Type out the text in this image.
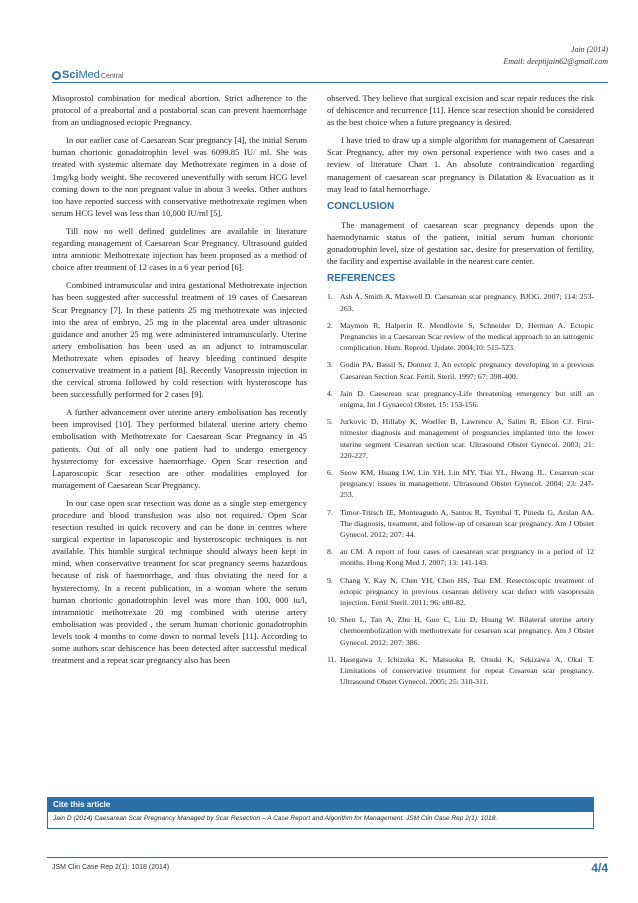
Jain (2014)
Email: deeptijain62@gmail.com
Sci Med Central

Misoprostol combination for medical abortion. Strict adherence to the protocol of a preabortal and a postabortal scan can prevent haemorrhage from an undiagnosed ectopic Pregnancy.

In our earlier case of Caesarean Scar pregnancy [4], the initial Serum human chorionic gonadotrophin level was 6099.85 IU/ ml. She was treated with systemic alternate day Methotrexate regimen in a dose of 1mg/kg body weight. She recovered uneventfully with serum HCG level coming down to the non pregnant value in about 3 weeks. Other authors too have reported success with conservative methotrexate regimen when serum HCG level was less than 10,000 IU/ml [5].

Till now no well defined guidelines are available in literature regarding management of Caesarean Scar Pregnancy. Ultrasound guided intra amniotic Methotrexate injection has been proposed as a method of choice after treatment of 12 cases in a 6 year period [6].

Combined intramuscular and intra gestational Methotrexate injection has been suggested after successful treatment of 19 cases of Caesarean Scar Pregnancy [7]. In these patients 25 mg methotrexate was injected into the area of embryo, 25 mg in the placental area under ultrasonic guidance and another 25 mg were administered intramuscularly. Uterine artery embolisation has been used as an adjunct to intramuscular Methotrexate when episodes of heavy bleeding continued despite conservative treatment in a patient [8]. Recently Vasopressin injection in the cervical stroma followed by cold resection with hysteroscope has been successfully performed for 2 cases [9].

A further advancement over uterine artery embolisation has recently been improvised [10]. They performed bilateral uterine artery chemo embolisation with Methotrexate for Caesarean Scar Pregnancy in 45 patients. Out of all only one patient had to undergo emergency hysterectomy for excessive haemorrhage. Open Scar resection and Laparoscopic Scar resection are other modalities employed for management of Caesarean Scar Pregnancy.

In our case open scar resection was done as a single step emergency procedure and blood transfusion was also not required. Open Scar resection resulted in quick recovery and can be done in centres where surgical expertise in laparoscopic and hysteroscopic techniques is not available. This humble surgical technique should always been kept in mind, when conservative treatment for scar pregnancy seems hazardous because of risk of haemorrhage, and thus obviating the need for a hysterectomy. In a recent publication, in a woman where the serum human chorionic gonadotrophin level was more than 100, 000 iu/l, intramniotic methotrexate 20 mg combined with uterine artery embolisation was provided , the serum human chorionic gonadotrophin levels took 4 months to come down to normal levels [11]. According to some authors scar dehiscence has been detected after successful medical treatment and a repeat scar pregnancy also has been

observed. They believe that surgical excision and scar repair reduces the risk of dehiscence and recurrence [11]. Hence scar resection should be considered as the best choice when a future pregnancy is desired.

I have tried to draw up a simple algorithm for management of Caesarean Scar Pregnancy, after my own personal experience with two cases and a review of literature Chart 1. An absolute contraindication regarding management of caesarean scar pregnancy is Dilatation & Evacuation as it may lead to fatal hemorrhage.

CONCLUSION

The management of caesarean scar pregnancy depends upon the haemodynamic status of the patient, initial serum human chorionic gonadotrophin level, size of gestation sac, desire for preservation of fertility, the facility and expertise available in the nearest care center.

REFERENCES
1. Ash A, Smith A, Maxwell D. Caesarean scar pregnancy. BJOG. 2007; 114: 253-263.
2. Maymon R, Halperin R. Mendlovie S, Schneider D, Herman A. Ectopic Pregnancies in a Caesarean Scar review of the medical approach to an iatrogenic complication. Hum. Reprod. Update. 2004;10: 515-523.
3. Godin PA, Bassil S, Donnez J, An ectopic pregnancy developing in a previous Caesarean Section Scar. Fertil. Steril. 1997; 67: 398-400.
4. Jain D. Caeserean scar pregnancy-Life threatening emergency but still an enigma, Int J Gynaecol Obstet. 15: 153-156.
5. Jurkovic D, Hillaby K, Woelfer B, Lawrence A, Salim R, Elson CJ. First-trimester diagnosis and management of pregnancies implanted into the lower uterine segment Cesarean section scar. Ultrasound Obstet Gynecol. 2003; 21: 220-227.
6. Seow KM, Huang LW, Lin YH, Lin MY, Tsai YL, Hwang JL. Cesarean scar pregnancy: issues in management. Ultrasound Obstet Gynecol. 2004; 23: 247-253.
7. Timor-Tritsch IE, Monteagudo A, Santos R, Tsymbal T, Pineda G, Arslan AA. The diagnosis, treatment, and follow-up of cesarean scar pregnancy. Am J Obstet Gynecol. 2012; 207: 44.
8. an CM. A report of four cases of caesarean scar pregnancy in a period of 12 months. Hong Kong Med J. 2007; 13: 141-143.
9. Chang Y, Kay N, Chen YH, Chen HS, Tsai EM. Resectoscopic treatment of ectopic pregnancy in previous cesarean delivery scar defect with vasopressin injection. Fertil Steril. 2011; 96: e80-82.
10. Shen L, Tan A, Zhu H, Guo C, Liu D, Huang W. Bilateral uterine artery chemoembolization with methotrexate for cesarean scar pregnancy. Am J Obstet Gynecol. 2012; 207: 386.
11. Hasegawa J, Ichizuka K, Matsuoka R, Otsuki K, Sekizawa A, Okai T. Limitations of conservative treatment for repeat Cesarean scar pregnancy. Ultrasound Obstet Gynecol. 2005; 25: 310-311.
Cite this article
Jain D (2014) Caesarean Scar Pregnancy Managed by Scar Resection – A Case Report and Algorithm for Management. JSM Clin Case Rep 2(1): 1018.
JSM Clin Case Rep 2(1): 1018 (2014)	4/4
